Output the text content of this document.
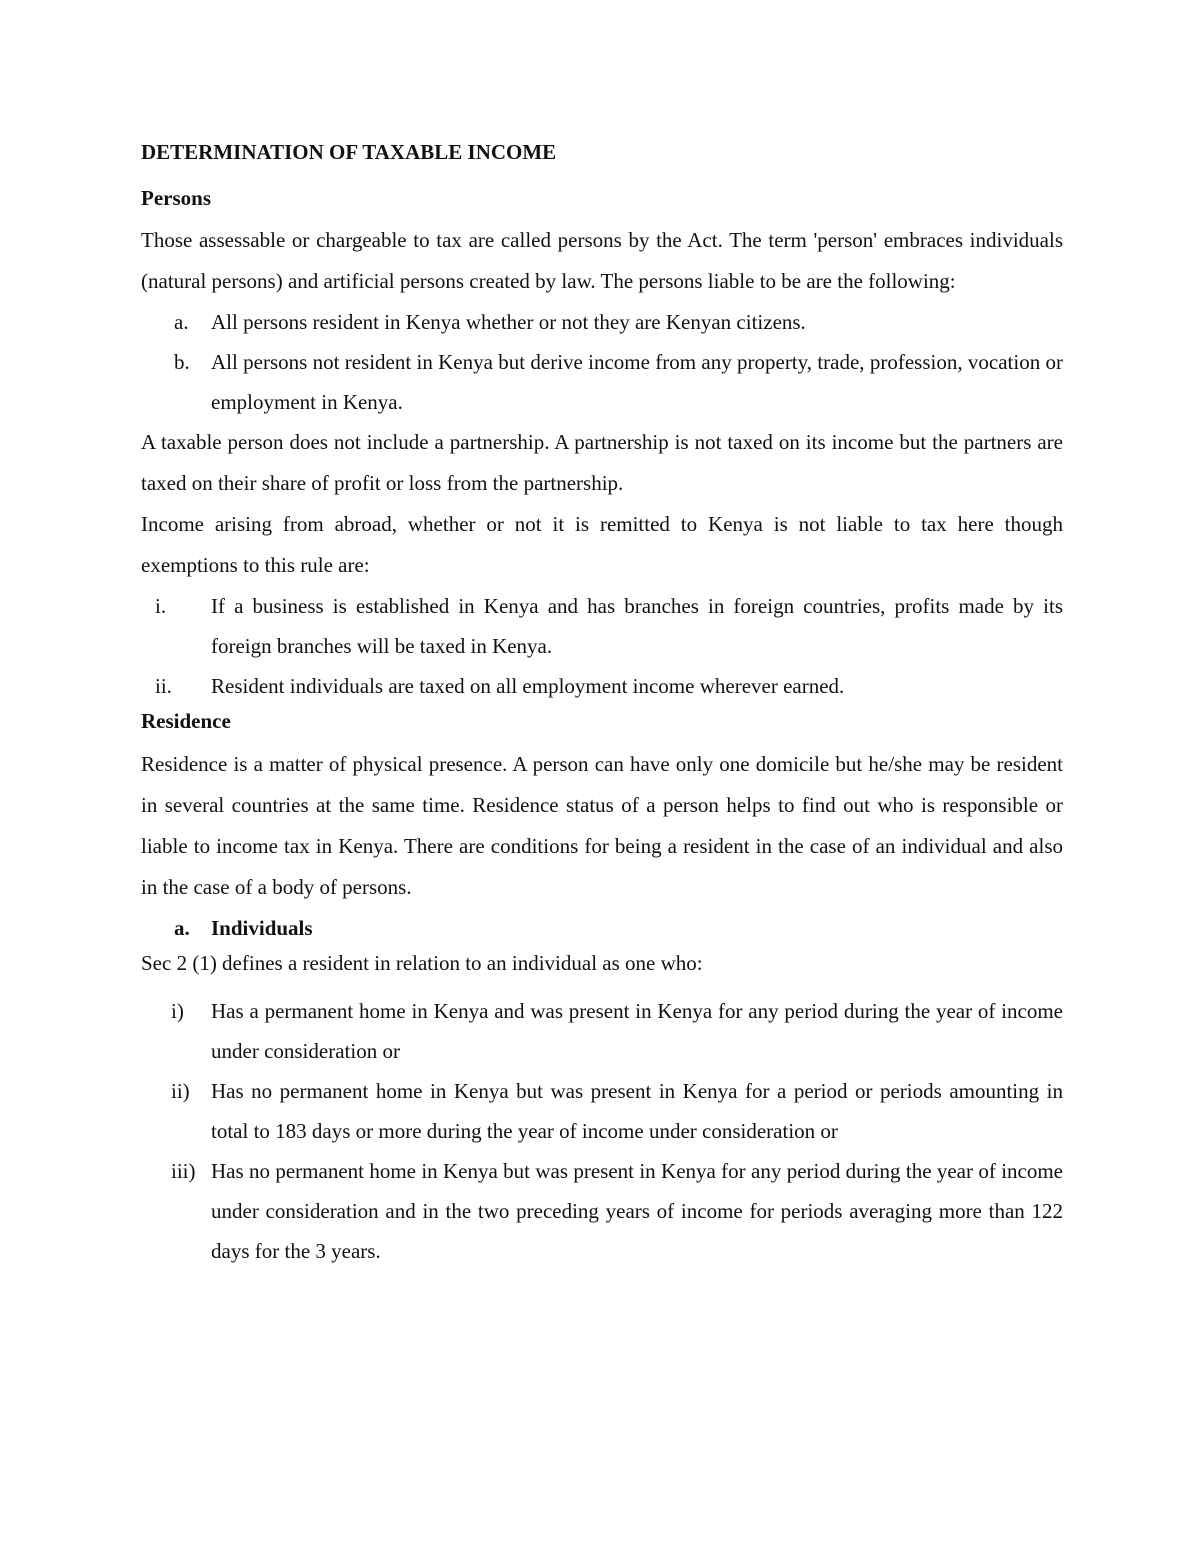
DETERMINATION OF TAXABLE INCOME
Persons

Those assessable or chargeable to tax are called persons by the Act. The term 'person' embraces individuals (natural persons) and artificial persons created by law. The persons liable to be are the following:

a. All persons resident in Kenya whether or not they are Kenyan citizens.
b. All persons not resident in Kenya but derive income from any property, trade, profession, vocation or employment in Kenya.

A taxable person does not include a partnership. A partnership is not taxed on its income but the partners are taxed on their share of profit or loss from the partnership.

Income arising from abroad, whether or not it is remitted to Kenya is not liable to tax here though exemptions to this rule are:

i.	If a business is established in Kenya and has branches in foreign countries, profits made by its foreign branches will be taxed in Kenya.
ii.	Resident individuals are taxed on all employment income wherever earned.
Residence

Residence is a matter of physical presence. A person can have only one domicile but he/she may be resident in several countries at the same time. Residence status of a person helps to find out who is responsible or liable to income tax in Kenya. There are conditions for being a resident in the case of an individual and also in the case of a body of persons.

a. Individuals

Sec 2 (1) defines a resident in relation to an individual as one who:

i) Has a permanent home in Kenya and was present in Kenya for any period during the year of income under consideration or
ii) Has no permanent home in Kenya but was present in Kenya for a period or periods amounting in total to 183 days or more during the year of income under consideration or
iii) Has no permanent home in Kenya but was present in Kenya for any period during the year of income under consideration and in the two preceding years of income for periods averaging more than 122 days for the 3 years.
